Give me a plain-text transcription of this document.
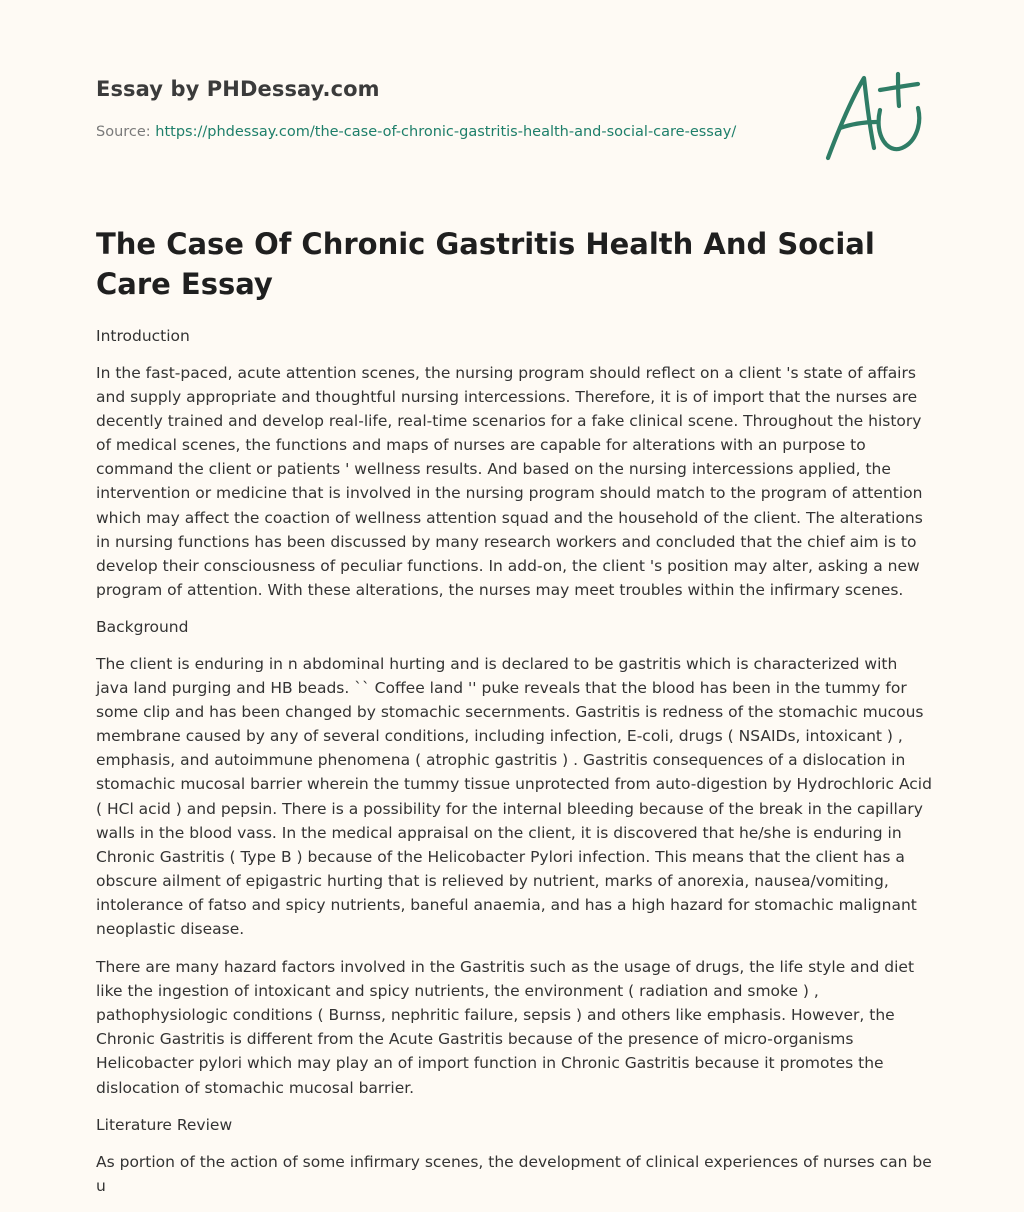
Essay by PHDessay.com

Source: https://phdessay.com/the-case-of-chronic-gastritis-health-and-social-care-essay/

The Case Of Chronic Gastritis Health And Social Care Essay

Introduction

In the fast-paced, acute attention scenes, the nursing program should reflect on a client 's state of affairs and supply appropriate and thoughtful nursing intercessions. Therefore, it is of import that the nurses are decently trained and develop real-life, real-time scenarios for a fake clinical scene. Throughout the history of medical scenes, the functions and maps of nurses are capable for alterations with an purpose to command the client or patients ' wellness results. And based on the nursing intercessions applied, the intervention or medicine that is involved in the nursing program should match to the program of attention which may affect the coaction of wellness attention squad and the household of the client. The alterations in nursing functions has been discussed by many research workers and concluded that the chief aim is to develop their consciousness of peculiar functions. In add-on, the client 's position may alter, asking a new program of attention. With these alterations, the nurses may meet troubles within the infirmary scenes.

Background

The client is enduring in n abdominal hurting and is declared to be gastritis which is characterized with java land purging and HB beads. `` Coffee land '' puke reveals that the blood has been in the tummy for some clip and has been changed by stomachic secernments. Gastritis is redness of the stomachic mucous membrane caused by any of several conditions, including infection, E-coli, drugs ( NSAIDs, intoxicant ) , emphasis, and autoimmune phenomena ( atrophic gastritis ) . Gastritis consequences of a dislocation in stomachic mucosal barrier wherein the tummy tissue unprotected from auto-digestion by Hydrochloric Acid ( HCl acid ) and pepsin. There is a possibility for the internal bleeding because of the break in the capillary walls in the blood vass. In the medical appraisal on the client, it is discovered that he/she is enduring in Chronic Gastritis ( Type B ) because of the Helicobacter Pylori infection. This means that the client has a obscure ailment of epigastric hurting that is relieved by nutrient, marks of anorexia, nausea/vomiting, intolerance of fatso and spicy nutrients, baneful anaemia, and has a high hazard for stomachic malignant neoplastic disease.

There are many hazard factors involved in the Gastritis such as the usage of drugs, the life style and diet like the ingestion of intoxicant and spicy nutrients, the environment ( radiation and smoke ) , pathophysiologic conditions ( Burnss, nephritic failure, sepsis ) and others like emphasis. However, the Chronic Gastritis is different from the Acute Gastritis because of the presence of micro-organisms Helicobacter pylori which may play an of import function in Chronic Gastritis because it promotes the dislocation of stomachic mucosal barrier.

Literature Review

As portion of the action of some infirmary scenes, the development of clinical experiences of nurses can be u
